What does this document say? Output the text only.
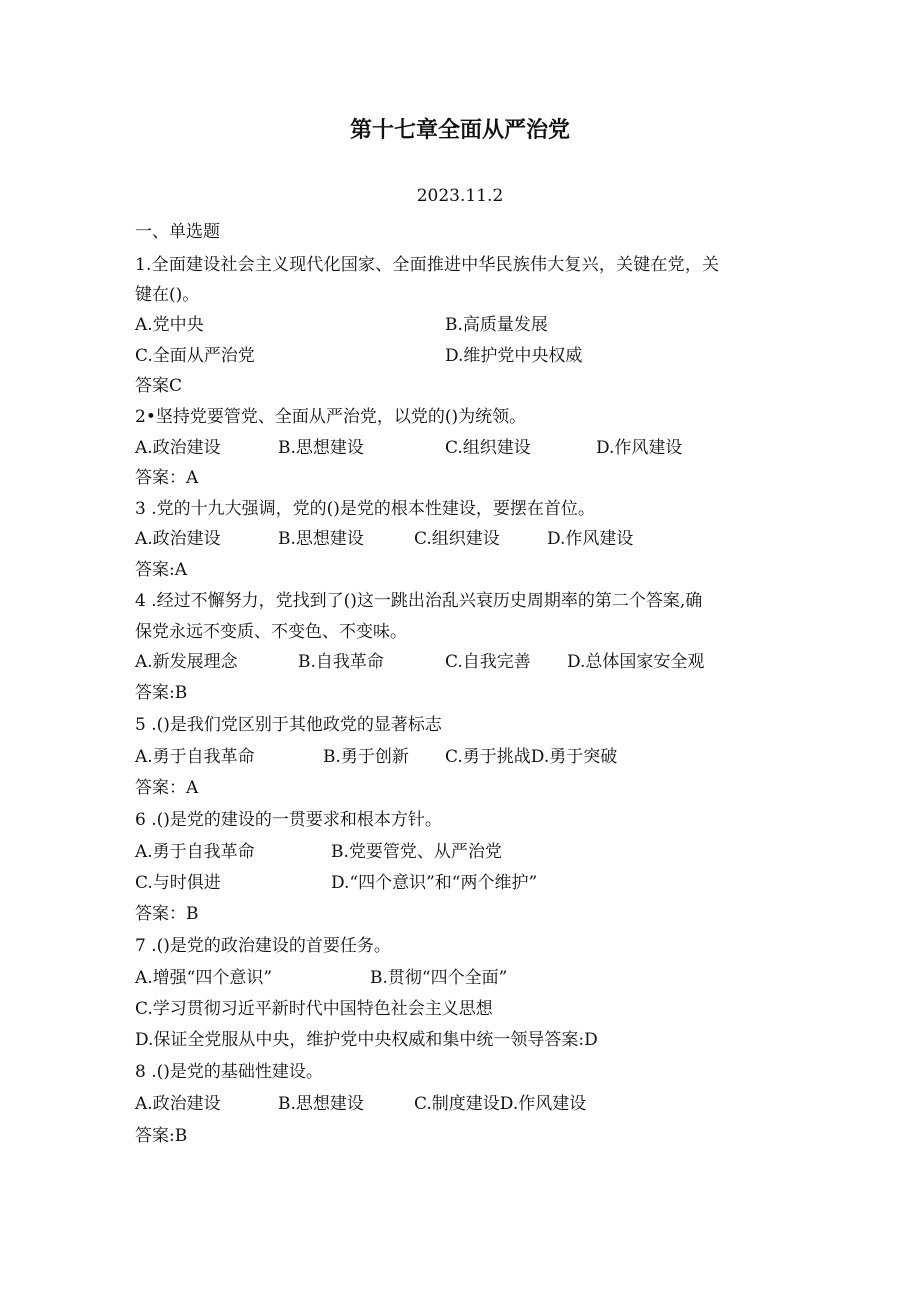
第十七章全面从严治党
2023.11.2
一、单选题
1.全面建设社会主义现代化国家、全面推进中华民族伟大复兴，关键在党，关
键在()。
A.党中央	B.高质量发展
C.全面从严治党	D.维护党中央权威
答案C
2•坚持党要管党、全面从严治党，以党的()为统领。
A.政治建设	B.思想建设	C.组织建设	D.作风建设
答案：A
3 .党的十九大强调，党的()是党的根本性建设，要摆在首位。
A.政治建设	B.思想建设	C.组织建设	D.作风建设
答案:A
4 .经过不懈努力，党找到了()这一跳出治乱兴衰历史周期率的第二个答案,确
保党永远不变质、不变色、不变味。
A.新发展理念	B.自我革命	C.自我完善 D.总体国家安全观
答案:B
5 .()是我们党区别于其他政党的显著标志
A.勇于自我革命	B.勇于创新 C.勇于挑战D.勇于突破
答案：A
6 .()是党的建设的一贯要求和根本方针。
A.勇于自我革命	B.党要管党、从严治党
C.与时俱进	D.“四个意识”和“两个维护”
答案：B
7 .()是党的政治建设的首要任务。
A.增强“四个意识”	B.贯彻“四个全面”
C.学习贯彻习近平新时代中国特色社会主义思想
D.保证全党服从中央，维护党中央权威和集中统一领导答案:D
8 .()是党的基础性建设。
A.政治建设	B.思想建设	C.制度建设D.作风建设
答案:B
